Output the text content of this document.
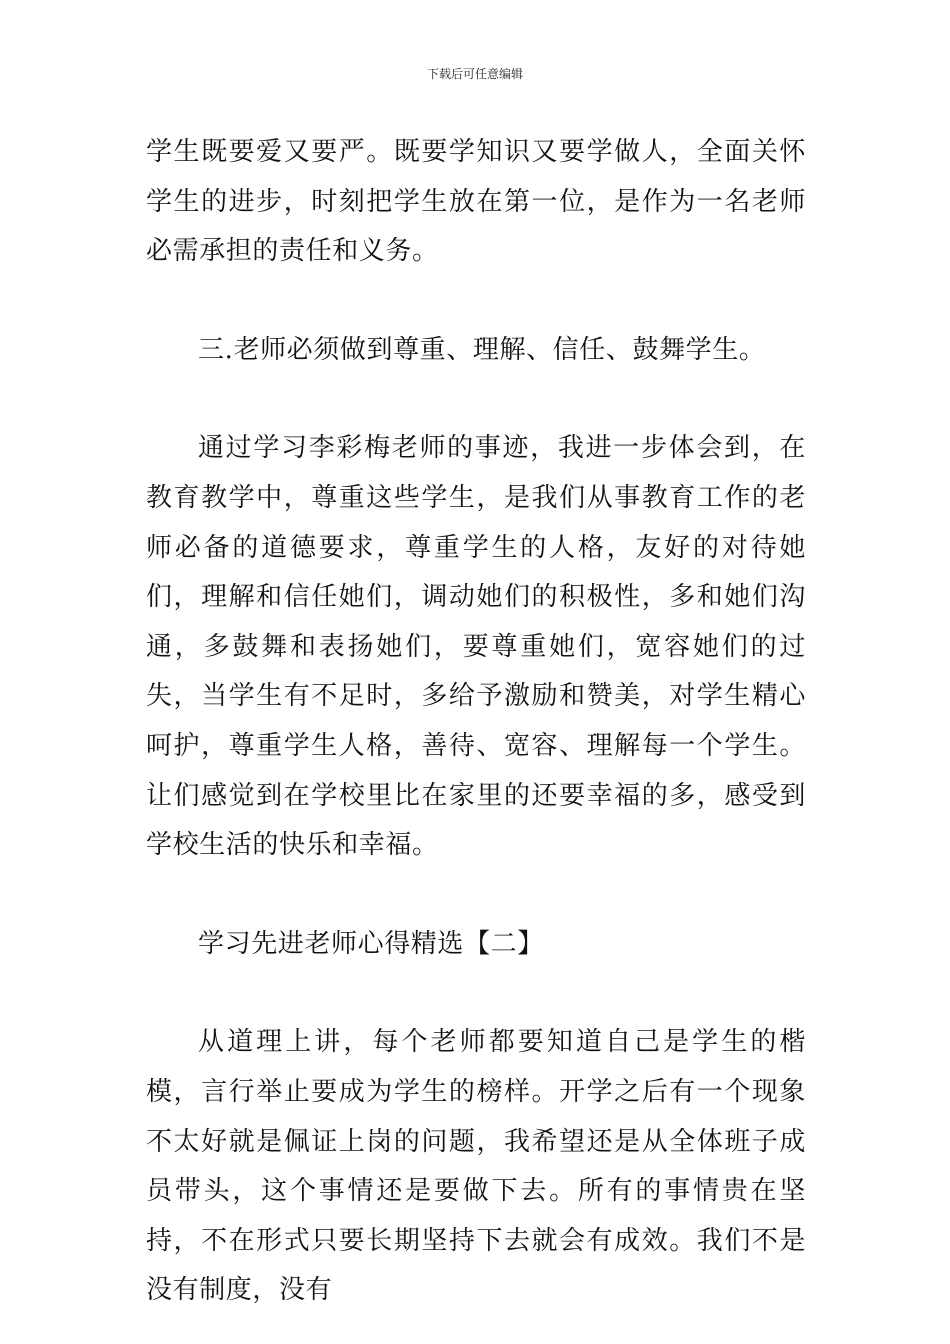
下载后可任意编辑

学生既要爱又要严。既要学知识又要学做人，全面关怀学生的进步，时刻把学生放在第一位，是作为一名老师必需承担的责任和义务。

三.老师必须做到尊重、理解、信任、鼓舞学生。

通过学习李彩梅老师的事迹，我进一步体会到，在教育教学中，尊重这些学生，是我们从事教育工作的老师必备的道德要求，尊重学生的人格，友好的对待她们，理解和信任她们，调动她们的积极性，多和她们沟通，多鼓舞和表扬她们，要尊重她们，宽容她们的过失，当学生有不足时，多给予激励和赞美，对学生精心呵护，尊重学生人格，善待、宽容、理解每一个学生。让们感觉到在学校里比在家里的还要幸福的多，感受到学校生活的快乐和幸福。

学习先进老师心得精选【二】

从道理上讲，每个老师都要知道自己是学生的楷模，言行举止要成为学生的榜样。开学之后有一个现象不太好就是佩证上岗的问题，我希望还是从全体班子成员带头，这个事情还是要做下去。所有的事情贵在坚持，不在形式只要长期坚持下去就会有成效。我们不是没有制度，没有
